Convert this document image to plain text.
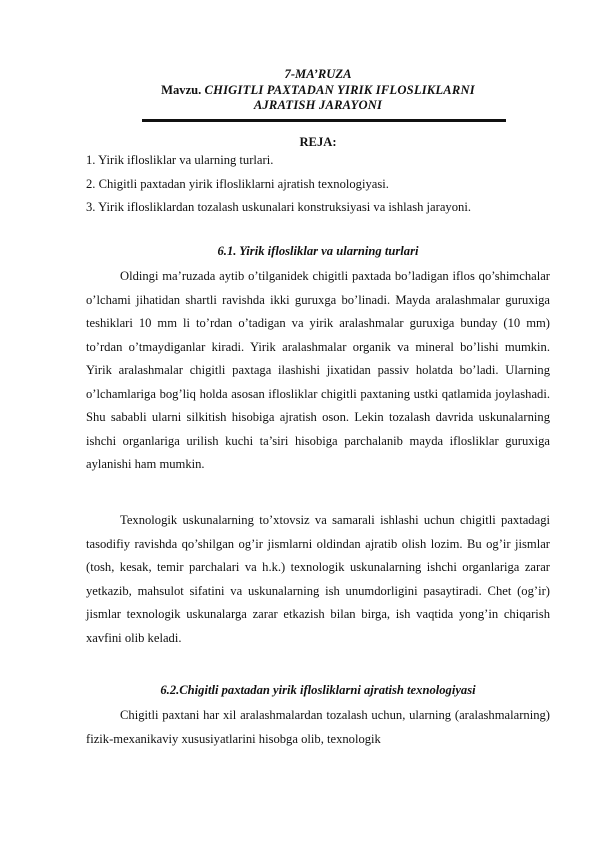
7-MA’RUZA
Mavzu. CHIGITLI PAXTADAN YIRIK IFLOSLIKLARNI
AJRATISH JARAYONI
REJA:
1. Yirik iflosliklar va ularning turlari.
2. Chigitli paxtadan yirik iflosliklarni ajratish texnologiyasi.
3. Yirik iflosliklardan tozalash uskunalari konstruksiyasi va ishlash jarayoni.
6.1. Yirik iflosliklar va ularning turlari

Oldingi ma’ruzada aytib o’tilganidek chigitli paxtada bo’ladigan iflos qo’shimchalar o’lchami jihatidan shartli ravishda ikki guruxga bo’linadi. Mayda aralashmalar guruxiga teshiklari 10 mm li to’rdan o’tadigan va yirik aralashmalar guruxiga bunday (10 mm) to’rdan o’tmaydiganlar kiradi. Yirik aralashmalar organik va mineral bo’lishi mumkin. Yirik aralashmalar chigitli paxtaga ilashishi jixatidan passiv holatda bo’ladi. Ularning o’lchamlariga bog’liq holda asosan iflosliklar chigitli paxtaning ustki qatlamida joylashadi. Shu sababli ularni silkitish hisobiga ajratish oson. Lekin tozalash davrida uskunalarning ishchi organlariga urilish kuchi ta’siri hisobiga parchalanib mayda iflosliklar guruxiga aylanishi ham mumkin.

Texnologik uskunalarning to’xtovsiz va samarali ishlashi uchun chigitli paxtadagi tasodifiy ravishda qo’shilgan og’ir jismlarni oldindan ajratib olish lozim. Bu og’ir jismlar (tosh, kesak, temir parchalari va h.k.) texnologik uskunalarning ishchi organlariga zarar yetkazib, mahsulot sifatini va uskunalarning ish unumdorligini pasaytiradi. Chet (og’ir) jismlar texnologik uskunalarga zarar etkazish bilan birga, ish vaqtida yong’in chiqarish xavfini olib keladi.

6.2.Chigitli paxtadan yirik iflosliklarni ajratish texnologiyasi

Chigitli paxtani har xil aralashmalardan tozalash uchun, ularning (aralashmalarning) fizik-mexanikaviy xususiyatlarini hisobga olib, texnologik
